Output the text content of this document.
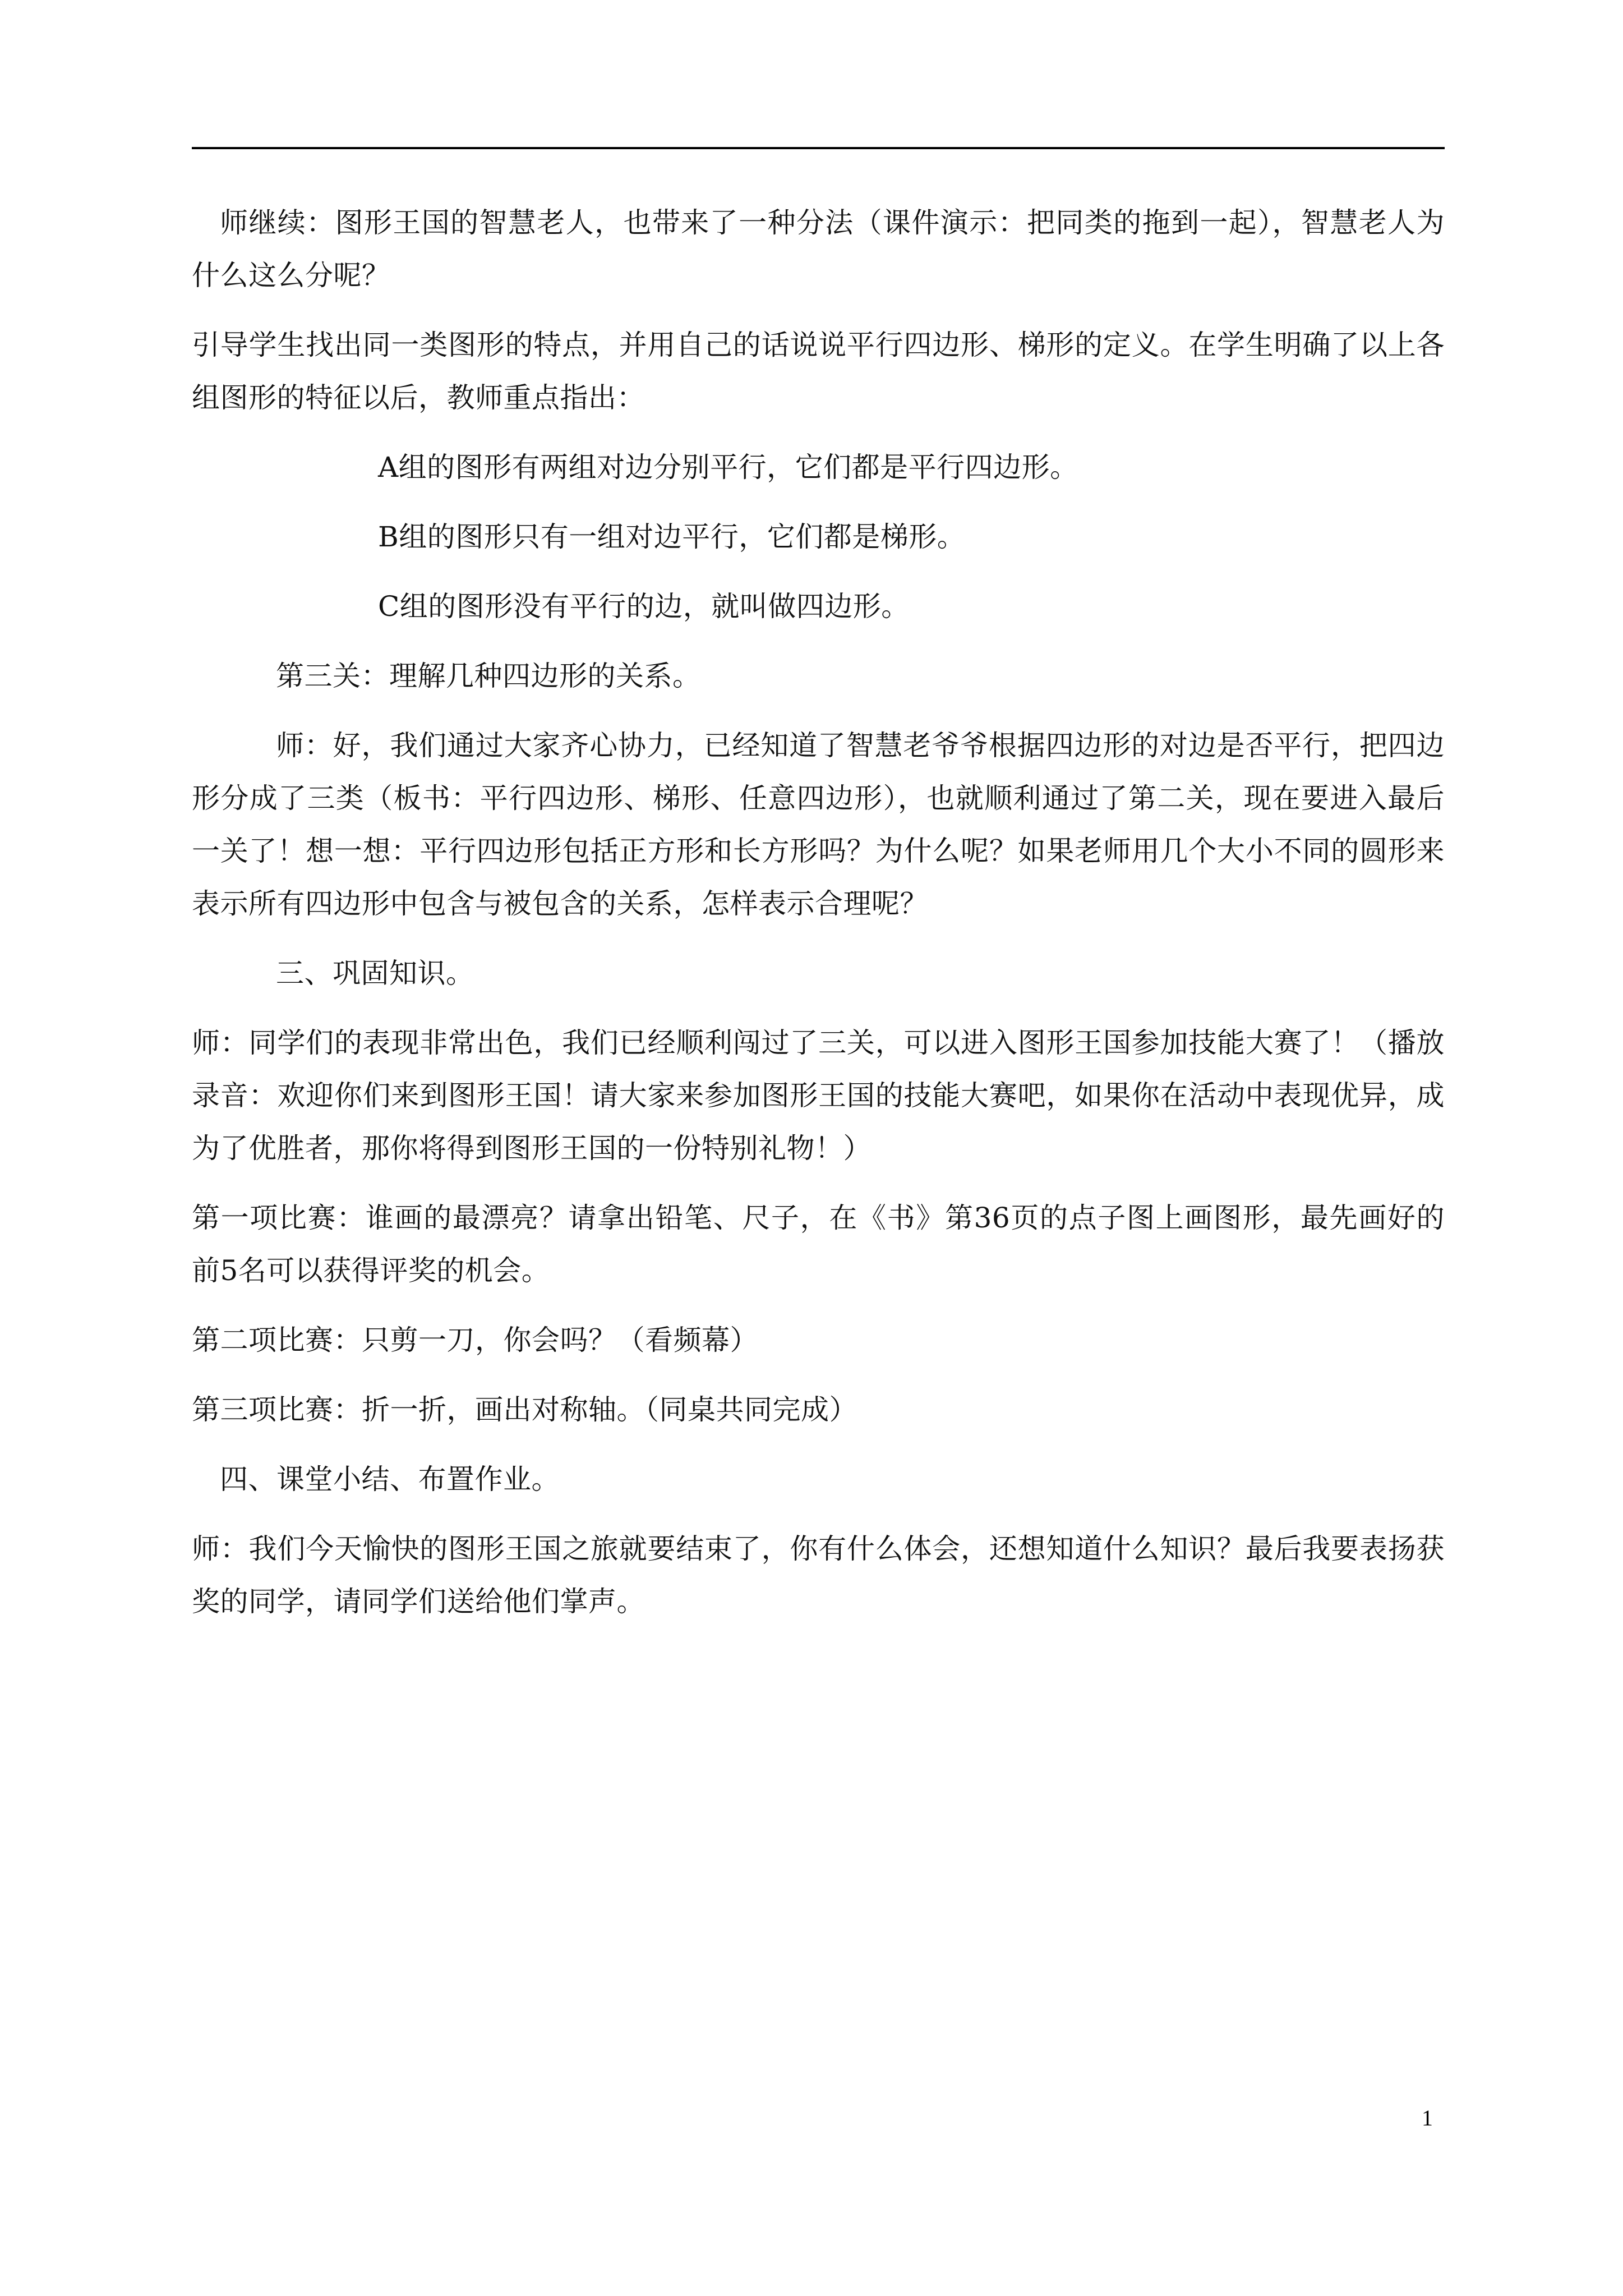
师继续：图形王国的智慧老人，也带来了一种分法（课件演示：把同类的拖到一起），智慧老人为什么这么分呢？

引导学生找出同一类图形的特点，并用自己的话说说平行四边形、梯形的定义。在学生明确了以上各组图形的特征以后，教师重点指出：

A组的图形有两组对边分别平行，它们都是平行四边形。

B组的图形只有一组对边平行，它们都是梯形。

C组的图形没有平行的边，就叫做四边形。

第三关：理解几种四边形的关系。

师：好，我们通过大家齐心协力，已经知道了智慧老爷爷根据四边形的对边是否平行，把四边形分成了三类（板书：平行四边形、梯形、任意四边形），也就顺利通过了第二关，现在要进入最后一关了！想一想：平行四边形包括正方形和长方形吗？为什么呢？如果老师用几个大小不同的圆形来表示所有四边形中包含与被包含的关系，怎样表示合理呢？

三、巩固知识。

师：同学们的表现非常出色，我们已经顺利闯过了三关，可以进入图形王国参加技能大赛了！（播放录音：欢迎你们来到图形王国！请大家来参加图形王国的技能大赛吧，如果你在活动中表现优异，成为了优胜者，那你将得到图形王国的一份特别礼物！）

第一项比赛：谁画的最漂亮？请拿出铅笔、尺子，在《书》第36页的点子图上画图形，最先画好的前5名可以获得评奖的机会。

第二项比赛：只剪一刀，你会吗？（看频幕）

第三项比赛：折一折，画出对称轴。（同桌共同完成）

四、课堂小结、布置作业。

师：我们今天愉快的图形王国之旅就要结束了，你有什么体会，还想知道什么知识？最后我要表扬获奖的同学，请同学们送给他们掌声。

1
